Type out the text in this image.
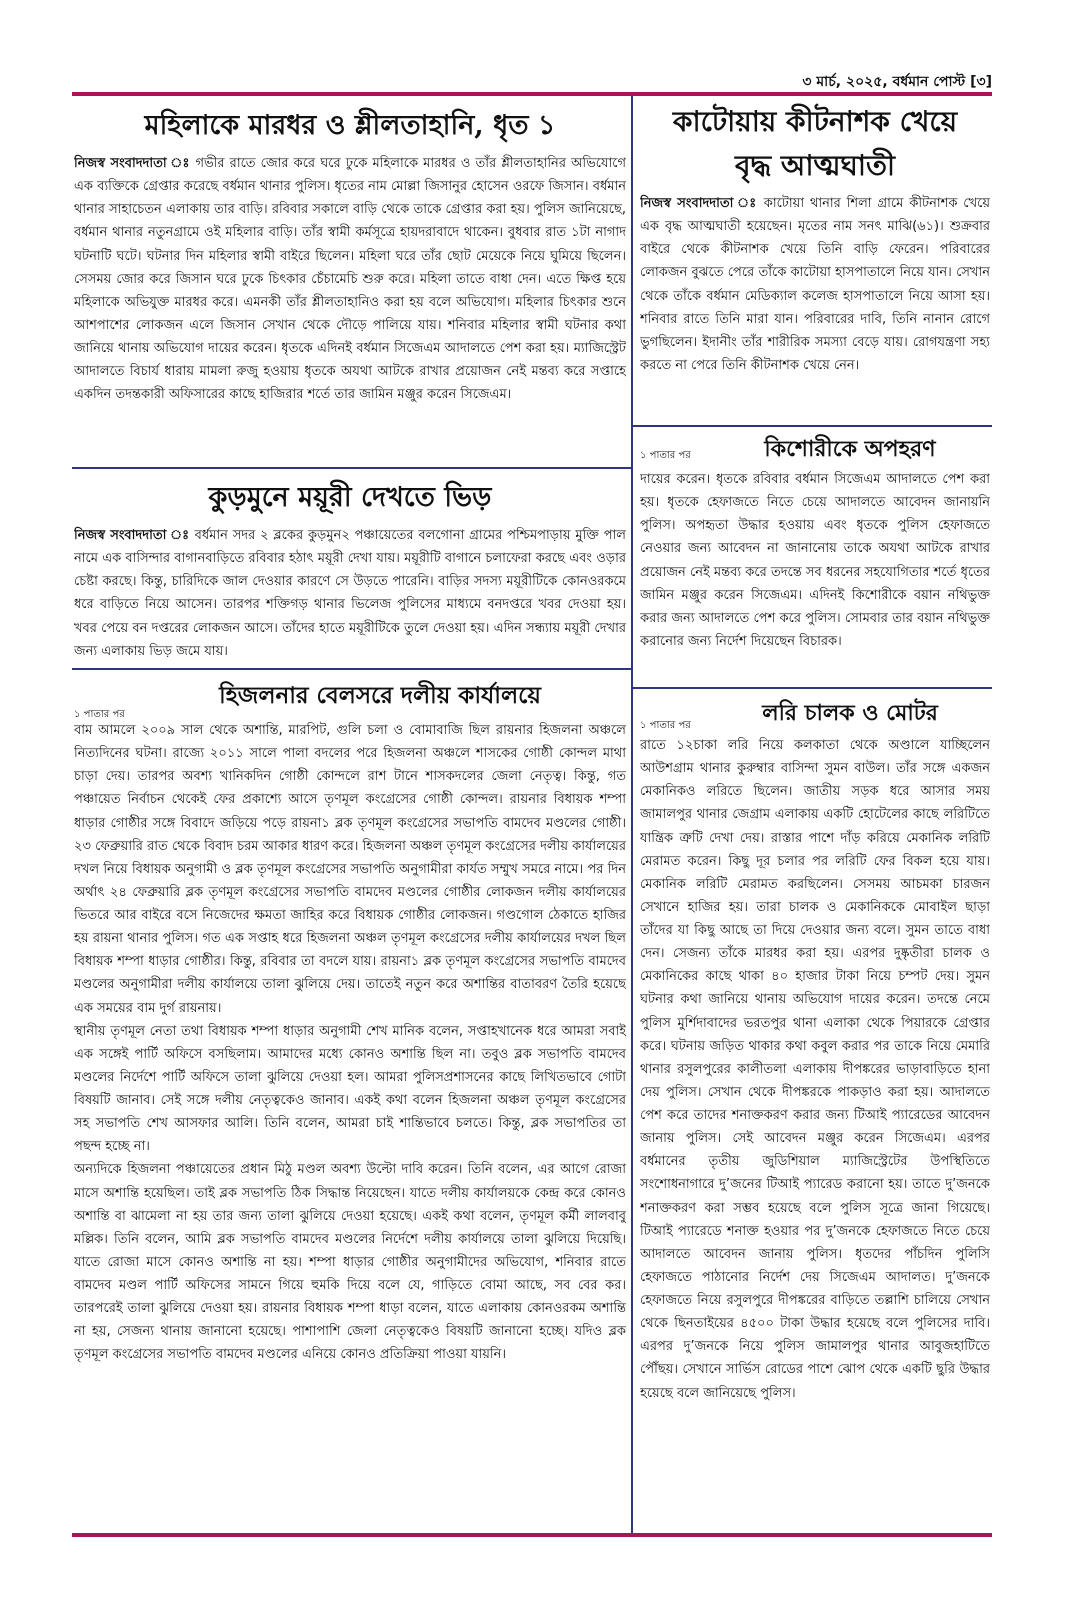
৩ মার্চ, ২০২৫, বর্ধমান পোস্ট [৩]
মহিলাকে মারধর ও শ্লীলতাহানি, ধৃত ১
নিজস্ব সংবাদদাতা ঃ গভীর রাতে জোর করে ঘরে ঢুকে মহিলাকে মারধর ও তাঁর শ্লীলতাহানির অভিযোগে এক ব্যক্তিকে গ্রেপ্তার করেছে বর্ধমান থানার পুলিস। ধৃতের নাম মোল্লা জিসানুর হোসেন ওরফে জিসান। বর্ধমান থানার সাহাচেতন এলাকায় তার বাড়ি। রবিবার সকালে বাড়ি থেকে তাকে গ্রেপ্তার করা হয়। পুলিস জানিয়েছে, বর্ধমান থানার নতুনগ্রামে ওই মহিলার বাড়ি। তাঁর স্বামী কর্মসূত্রে হায়দরাবাদে থাকেন। বুধবার রাত ১টা নাগাদ ঘটনাটি ঘটে। ঘটনার দিন মহিলার স্বামী বাইরে ছিলেন। মহিলা ঘরে তাঁর ছোট মেয়েকে নিয়ে ঘুমিয়ে ছিলেন। সেসময় জোর করে জিসান ঘরে ঢুকে চিৎকার চেঁচামেচি শুরু করে। মহিলা তাতে বাধা দেন। এতে ক্ষিপ্ত হয়ে মহিলাকে অভিযুক্ত মারধর করে। এমনকী তাঁর শ্লীলতাহানিও করা হয় বলে অভিযোগ। মহিলার চিৎকার শুনে আশপাশের লোকজন এলে জিসান সেখান থেকে দৌড়ে পালিয়ে যায়। শনিবার মহিলার স্বামী ঘটনার কথা জানিয়ে থানায় অভিযোগ দায়ের করেন। ধৃতকে এদিনই বর্ধমান সিজেএম আদালতে পেশ করা হয়। ম্যাজিস্ট্রেট আদালতে বিচার্য ধারায় মামলা রুজু হওয়ায় ধৃতকে অযথা আটকে রাখার প্রয়োজন নেই মন্তব্য করে সপ্তাহে একদিন তদন্তকারী অফিসারের কাছে হাজিরার শর্তে তার জামিন মঞ্জুর করেন সিজেএম।
কুড়মুনে ময়ূরী দেখতে ভিড়
নিজস্ব সংবাদদাতা ঃ বর্ধমান সদর ২ ব্লকের কুড়মুন২ পঞ্চায়েতের বলগোনা গ্রামের পশ্চিমপাড়ায় মুক্তি পাল নামে এক বাসিন্দার বাগানবাড়িতে রবিবার হঠাৎ ময়ূরী দেখা যায়। ময়ূরীটি বাগানে চলাফেরা করছে এবং ওড়ার চেষ্টা করছে। কিন্তু, চারিদিকে জাল দেওয়ার কারণে সে উড়তে পারেনি। বাড়ির সদস্য ময়ূরীটিকে কোনওরকমে ধরে বাড়িতে নিয়ে আসেন। তারপর শক্তিগড় থানার ভিলেজ পুলিসের মাধ্যমে বনদপ্তরে খবর দেওয়া হয়। খবর পেয়ে বন দপ্তরের লোকজন আসে। তাঁদের হাতে ময়ূরীটিকে তুলে দেওয়া হয়। এদিন সন্ধ্যায় ময়ূরী দেখার জন্য এলাকায় ভিড় জমে যায়।
১ পাতার পর
হিজলনার বেলসরে দলীয় কার্যালয়ে

বাম আমলে ২০০৯ সাল থেকে অশান্তি, মারপিট, গুলি চলা ও বোমাবাজি ছিল রায়নার হিজলনা অঞ্চলে নিত্যদিনের ঘটনা। রাজ্যে ২০১১ সালে পালা বদলের পরে হিজলনা অঞ্চলে শাসকের গোষ্ঠী কোন্দল মাথা চাড়া দেয়। তারপর অবশ্য খানিকদিন গোষ্ঠী কোন্দলে রাশ টানে শাসকদলের জেলা নেতৃত্ব। কিন্তু, গত পঞ্চায়েত নির্বাচন থেকেই ফের প্রকাশ্যে আসে তৃণমূল কংগ্রেসের গোষ্ঠী কোন্দল। রায়নার বিধায়ক শম্পা ধাড়ার গোষ্ঠীর সঙ্গে বিবাদে জড়িয়ে পড়ে রায়না১ ব্লক তৃণমূল কংগ্রেসের সভাপতি বামদেব মণ্ডলের গোষ্ঠী। ২৩ ফেব্রুয়ারি রাত থেকে বিবাদ চরম আকার ধারণ করে। হিজলনা অঞ্চল তৃণমূল কংগ্রেসের দলীয় কার্যালয়ের দখল নিয়ে বিধায়ক অনুগামী ও ব্লক তৃণমূল কংগ্রেসের সভাপতি অনুগামীরা কার্যত সম্মুখ সমরে নামে। পর দিন অর্থাৎ ২৪ ফেব্রুয়ারি ব্লক তৃণমূল কংগ্রেসের সভাপতি বামদেব মণ্ডলের গোষ্ঠীর লোকজন দলীয় কার্যালয়ের ভিতরে আর বাইরে বসে নিজেদের ক্ষমতা জাহির করে বিধায়ক গোষ্ঠীর লোকজন। গণ্ডগোল ঠেকাতে হাজির হয় রায়না থানার পুলিস। গত এক সপ্তাহ ধরে হিজলনা অঞ্চল তৃণমূল কংগ্রেসের দলীয় কার্যালয়ের দখল ছিল বিধায়ক শম্পা ধাড়ার গোষ্ঠীর। কিন্তু, রবিবার তা বদলে যায়। রায়না১ ব্লক তৃণমূল কংগ্রেসের সভাপতি বামদেব মণ্ডলের অনুগামীরা দলীয় কার্যালয়ে তালা ঝুলিয়ে দেয়। তাতেই নতুন করে অশান্তির বাতাবরণ তৈরি হয়েছে এক সময়ের বাম দুর্গ রায়নায়।

স্থানীয় তৃণমূল নেতা তথা বিধায়ক শম্পা ধাড়ার অনুগামী শেখ মানিক বলেন, সপ্তাহখানেক ধরে আমরা সবাই এক সঙ্গেই পার্টি অফিসে বসছিলাম। আমাদের মধ্যে কোনও অশান্তি ছিল না। তবুও ব্লক সভাপতি বামদেব মণ্ডলের নির্দেশে পার্টি অফিসে তালা ঝুলিয়ে দেওয়া হল। আমরা পুলিসপ্রশাসনের কাছে লিখিতভাবে গোটা বিষয়টি জানাব। সেই সঙ্গে দলীয় নেতৃত্বকেও জানাব। একই কথা বলেন হিজলনা অঞ্চল তৃণমূল কংগ্রেসের সহ সভাপতি শেখ আসফার আলি। তিনি বলেন, আমরা চাই শান্তিভাবে চলতে। কিন্তু, ব্লক সভাপতির তা পছন্দ হচ্ছে না।

অন্যদিকে হিজলনা পঞ্চায়েতের প্রধান মিঠু মণ্ডল অবশ্য উল্টো দাবি করেন। তিনি বলেন, এর আগে রোজা মাসে অশান্তি হয়েছিল। তাই ব্লক সভাপতি ঠিক সিদ্ধান্ত নিয়েছেন। যাতে দলীয় কার্যালয়কে কেন্দ্র করে কোনও অশান্তি বা ঝামেলা না হয় তার জন্য তালা ঝুলিয়ে দেওয়া হয়েছে। একই কথা বলেন, তৃণমূল কর্মী লালবাবু মল্লিক। তিনি বলেন, আমি ব্লক সভাপতি বামদেব মণ্ডলের নির্দেশে দলীয় কার্যালয়ে তালা ঝুলিয়ে দিয়েছি। যাতে রোজা মাসে কোনও অশান্তি না হয়। শম্পা ধাড়ার গোষ্ঠীর অনুগামীদের অভিযোগ, শনিবার রাতে বামদেব মণ্ডল পার্টি অফিসের সামনে গিয়ে হুমকি দিয়ে বলে যে, গাড়িতে বোমা আছে, সব বের কর। তারপরেই তালা ঝুলিয়ে দেওয়া হয়। রায়নার বিধায়ক শম্পা ধাড়া বলেন, যাতে এলাকায় কোনওরকম অশান্তি না হয়, সেজন্য থানায় জানানো হয়েছে। পাশাপাশি জেলা নেতৃত্বকেও বিষয়টি জানানো হচ্ছে। যদিও ব্লক তৃণমূল কংগ্রেসের সভাপতি বামদেব মণ্ডলের এনিয়ে কোনও প্রতিক্রিয়া পাওয়া যায়নি।

কাটোয়ায় কীটনাশক খেয়ে বৃদ্ধ আত্মঘাতী
নিজস্ব সংবাদদাতা ঃ কাটোয়া থানার শিলা গ্রামে কীটনাশক খেয়ে এক বৃদ্ধ আত্মঘাতী হয়েছেন। মৃতের নাম সনৎ মাঝি(৬১)। শুক্রবার বাইরে থেকে কীটনাশক খেয়ে তিনি বাড়ি ফেরেন। পরিবারের লোকজন বুঝতে পেরে তাঁকে কাটোয়া হাসপাতালে নিয়ে যান। সেখান থেকে তাঁকে বর্ধমান মেডিক্যাল কলেজ হাসপাতালে নিয়ে আসা হয়। শনিবার রাতে তিনি মারা যান। পরিবারের দাবি, তিনি নানান রোগে ভুগছিলেন। ইদানীং তাঁর শারীরিক সমস্যা বেড়ে যায়। রোগযন্ত্রণা সহ্য করতে না পেরে তিনি কীটনাশক খেয়ে নেন।
১ পাতার পর	কিশোরীকে অপহরণ
দায়ের করেন। ধৃতকে রবিবার বর্ধমান সিজেএম আদালতে পেশ করা হয়। ধৃতকে হেফাজতে নিতে চেয়ে আদালতে আবেদন জানায়নি পুলিস। অপহৃতা উদ্ধার হওয়ায় এবং ধৃতকে পুলিস হেফাজতে নেওয়ার জন্য আবেদন না জানানোয় তাকে অযথা আটকে রাখার প্রয়োজন নেই মন্তব্য করে তদন্তে সব ধরনের সহযোগিতার শর্তে ধৃতের জামিন মঞ্জুর করেন সিজেএম। এদিনই কিশোরীকে বয়ান নথিভুক্ত করার জন্য আদালতে পেশ করে পুলিস। সোমবার তার বয়ান নথিভুক্ত করানোর জন্য নির্দেশ দিয়েছেন বিচারক।
১ পাতার পর	লরি চালক ও মোটর
রাতে ১২চাকা লরি নিয়ে কলকাতা থেকে অণ্ডালে যাচ্ছিলেন আউশগ্রাম থানার কুরুম্বার বাসিন্দা সুমন বাউল। তাঁর সঙ্গে একজন মেকানিকও লরিতে ছিলেন। জাতীয় সড়ক ধরে আসার সময় জামালপুর থানার জেগ্রাম এলাকায় একটি হোটেলের কাছে লরিটিতে যান্ত্রিক ত্রুটি দেখা দেয়। রাস্তার পাশে দাঁড় করিয়ে মেকানিক লরিটি মেরামত করেন। কিছু দূর চলার পর লরিটি ফের বিকল হয়ে যায়। মেকানিক লরিটি মেরামত করছিলেন। সেসময় আচমকা চারজন সেখানে হাজির হয়। তারা চালক ও মেকানিককে মোবাইল ছাড়া তাঁদের যা কিছু আছে তা দিয়ে দেওয়ার জন্য বলে। সুমন তাতে বাধা দেন। সেজন্য তাঁকে মারধর করা হয়। এরপর দুষ্কৃতীরা চালক ও মেকানিকের কাছে থাকা ৪০ হাজার টাকা নিয়ে চম্পট দেয়। সুমন ঘটনার কথা জানিয়ে থানায় অভিযোগ দায়ের করেন। তদন্তে নেমে পুলিস মুর্শিদাবাদের ভরতপুর থানা এলাকা থেকে পিয়ারকে গ্রেপ্তার করে। ঘটনায় জড়িত থাকার কথা কবুল করার পর তাকে নিয়ে মেমারি থানার রসুলপুরের কালীতলা এলাকায় দীপঙ্করের ভাড়াবাড়িতে হানা দেয় পুলিস। সেখান থেকে দীপঙ্করকে পাকড়াও করা হয়। আদালতে পেশ করে তাদের শনাক্তকরণ করার জন্য টিআই প্যারেডের আবেদন জানায় পুলিস। সেই আবেদন মঞ্জুর করেন সিজেএম। এরপর বর্ধমানের তৃতীয় জুডিশিয়াল ম্যাজিস্ট্রেটের উপস্থিতিতে সংশোধনাগারে দু’জনের টিআই প্যারেড করানো হয়। তাতে দু’জনকে শনাক্তকরণ করা সম্ভব হয়েছে বলে পুলিস সূত্রে জানা গিয়েছে। টিআই প্যারেডে শনাক্ত হওয়ার পর দু’জনকে হেফাজতে নিতে চেয়ে আদালতে আবেদন জানায় পুলিস। ধৃতদের পাঁচদিন পুলিসি হেফাজতে পাঠানোর নির্দেশ দেয় সিজেএম আদালত। দু’জনকে হেফাজতে নিয়ে রসুলপুরে দীপঙ্করের বাড়িতে তল্লাশি চালিয়ে সেখান থেকে ছিনতাইয়ের ৪৫০০ টাকা উদ্ধার হয়েছে বলে পুলিসের দাবি। এরপর দু’জনকে নিয়ে পুলিস জামালপুর থানার আবুজহাটিতে পৌঁছয়। সেখানে সার্ভিস রোডের পাশে ঝোপ থেকে একটি ছুরি উদ্ধার হয়েছে বলে জানিয়েছে পুলিস।
